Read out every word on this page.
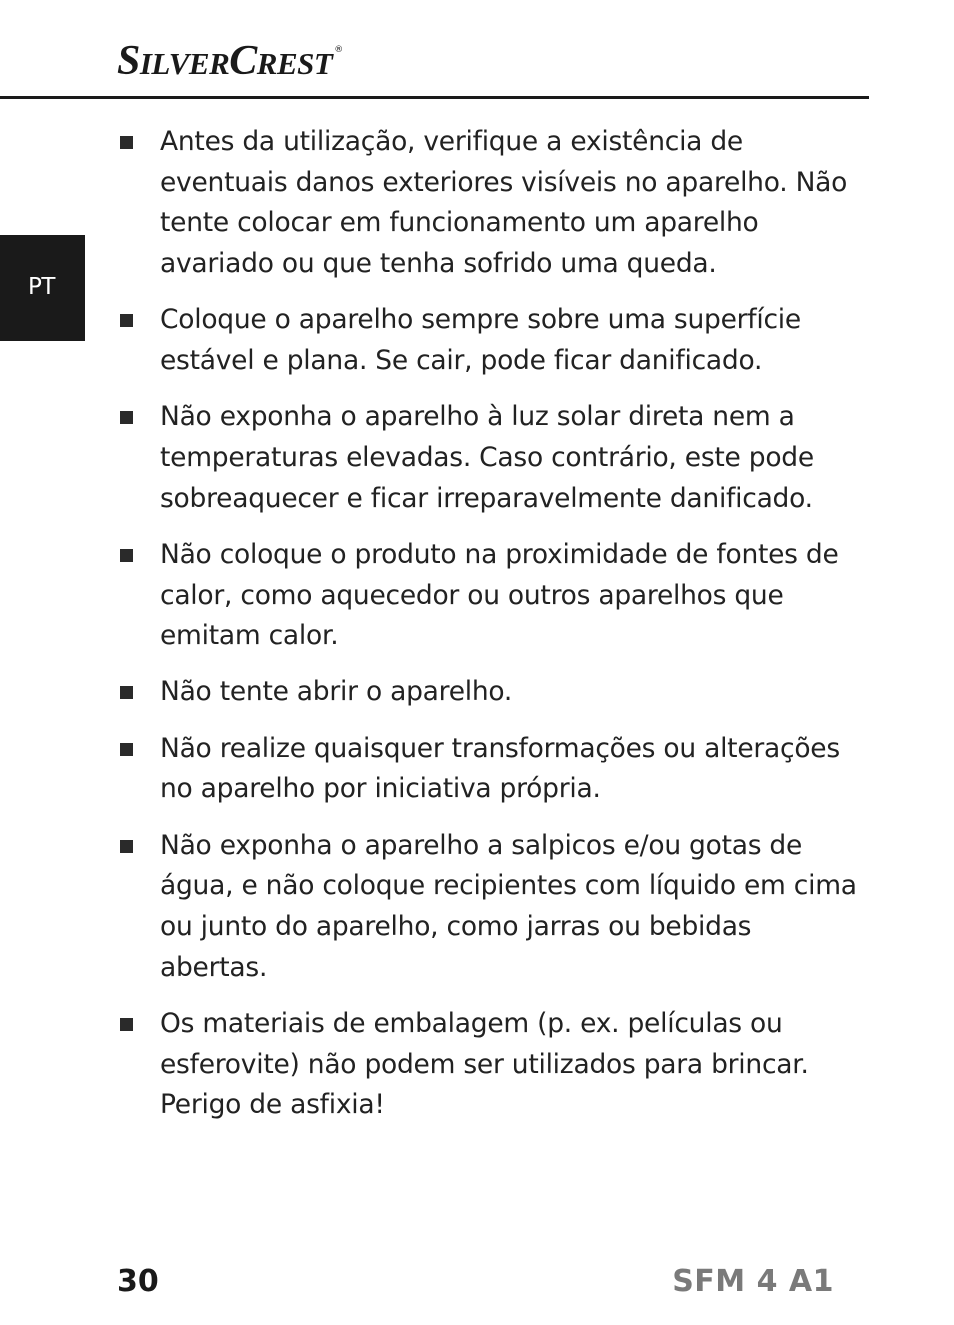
SILVERCREST ®
PT
Antes da utilização, verifique a existência de eventuais danos exteriores visíveis no aparelho. Não tente colocar em funcionamento um aparelho avariado ou que tenha sofrido uma queda.
Coloque o aparelho sempre sobre uma superfície estável e plana. Se cair, pode ficar danificado.
Não exponha o aparelho à luz solar direta nem a temperaturas elevadas. Caso contrário, este pode sobreaquecer e ficar irreparavelmente danificado.
Não coloque o produto na proximidade de fontes de calor, como aquecedor ou outros aparelhos que emitam calor.
Não tente abrir o aparelho.
Não realize quaisquer transformações ou alterações no aparelho por iniciativa própria.
Não exponha o aparelho a salpicos e/ou gotas de água, e não coloque recipientes com líquido em cima ou junto do aparelho, como jarras ou bebidas abertas.
Os materiais de embalagem (p. ex. películas ou esferovite) não podem ser utilizados para brincar. Perigo de asfixia!
30	SFM 4 A1
